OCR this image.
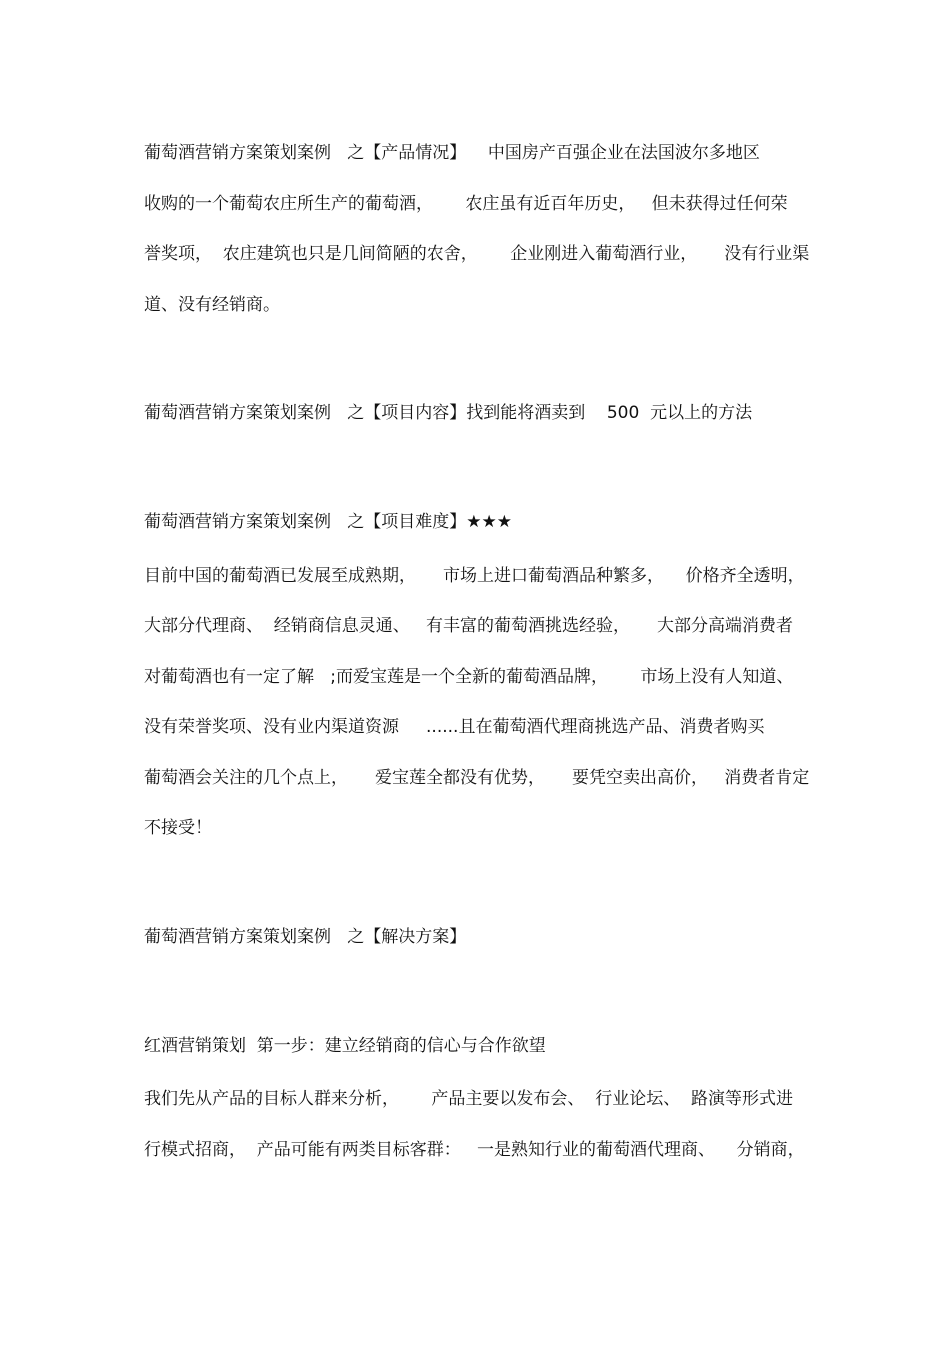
葡萄酒营销方案策划案例   之【产品情况】    中国房产百强企业在法国波尔多地区
收购的一个葡萄农庄所生产的葡萄酒，      农庄虽有近百年历史，   但未获得过任何荣
誉奖项，  农庄建筑也只是几间简陋的农舍，      企业刚进入葡萄酒行业，     没有行业渠
道、没有经销商。
葡萄酒营销方案策划案例   之【项目内容】找到能将酒卖到    500  元以上的方法
葡萄酒营销方案策划案例   之【项目难度】★★★
目前中国的葡萄酒已发展至成熟期，     市场上进口葡萄酒品种繁多，    价格齐全透明，
大部分代理商、  经销商信息灵通、   有丰富的葡萄酒挑选经验，     大部分高端消费者
对葡萄酒也有一定了解   ;而爱宝莲是一个全新的葡萄酒品牌，      市场上没有人知道、
没有荣誉奖项、没有业内渠道资源     ......且在葡萄酒代理商挑选产品、消费者购买
葡萄酒会关注的几个点上，     爱宝莲全都没有优势，     要凭空卖出高价，   消费者肯定
不接受！
葡萄酒营销方案策划案例   之【解决方案】
红酒营销策划  第一步：建立经销商的信心与合作欲望
我们先从产品的目标人群来分析，      产品主要以发布会、  行业论坛、  路演等形式进
行模式招商，  产品可能有两类目标客群：   一是熟知行业的葡萄酒代理商、    分销商，
